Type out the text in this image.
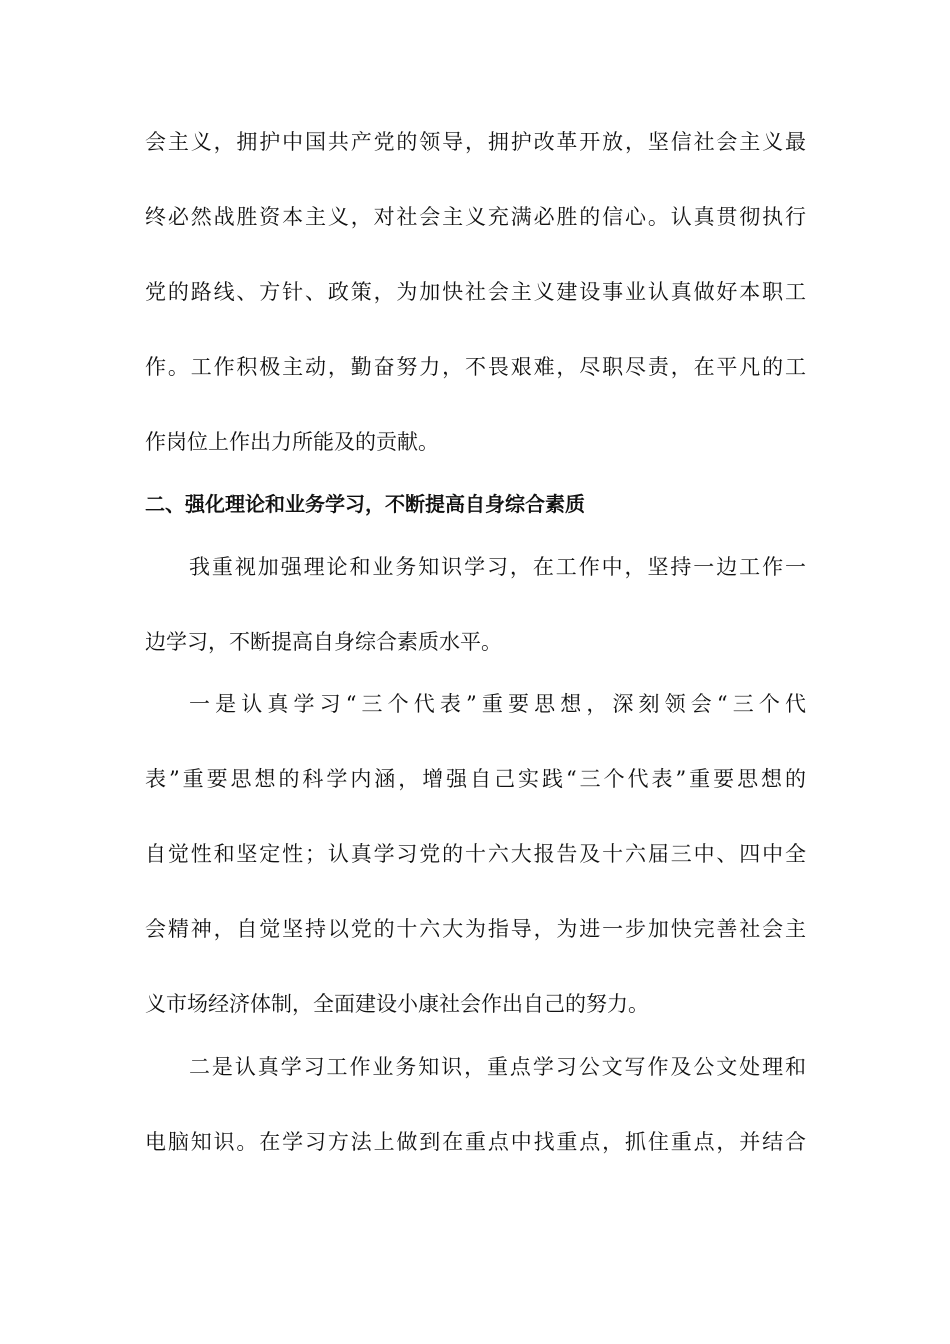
会主义，拥护中国共产党的领导，拥护改革开放，坚信社会主义最
终必然战胜资本主义，对社会主义充满必胜的信心。认真贯彻执行
党的路线、方针、政策，为加快社会主义建设事业认真做好本职工
作。工作积极主动，勤奋努力，不畏艰难，尽职尽责，在平凡的工
作岗位上作出力所能及的贡献。
二、强化理论和业务学习，不断提高自身综合素质
我重视加强理论和业务知识学习，在工作中，坚持一边工作一
边学习，不断提高自身综合素质水平。
一是认真学习“三个代表”重要思想，深刻领会“三个代
表”重要思想的科学内涵，增强自己实践“三个代表”重要思想的
自觉性和坚定性；认真学习党的十六大报告及十六届三中、四中全
会精神，自觉坚持以党的十六大为指导，为进一步加快完善社会主
义市场经济体制，全面建设小康社会作出自己的努力。
二是认真学习工作业务知识，重点学习公文写作及公文处理和
电脑知识。在学习方法上做到在重点中找重点，抓住重点，并结合
